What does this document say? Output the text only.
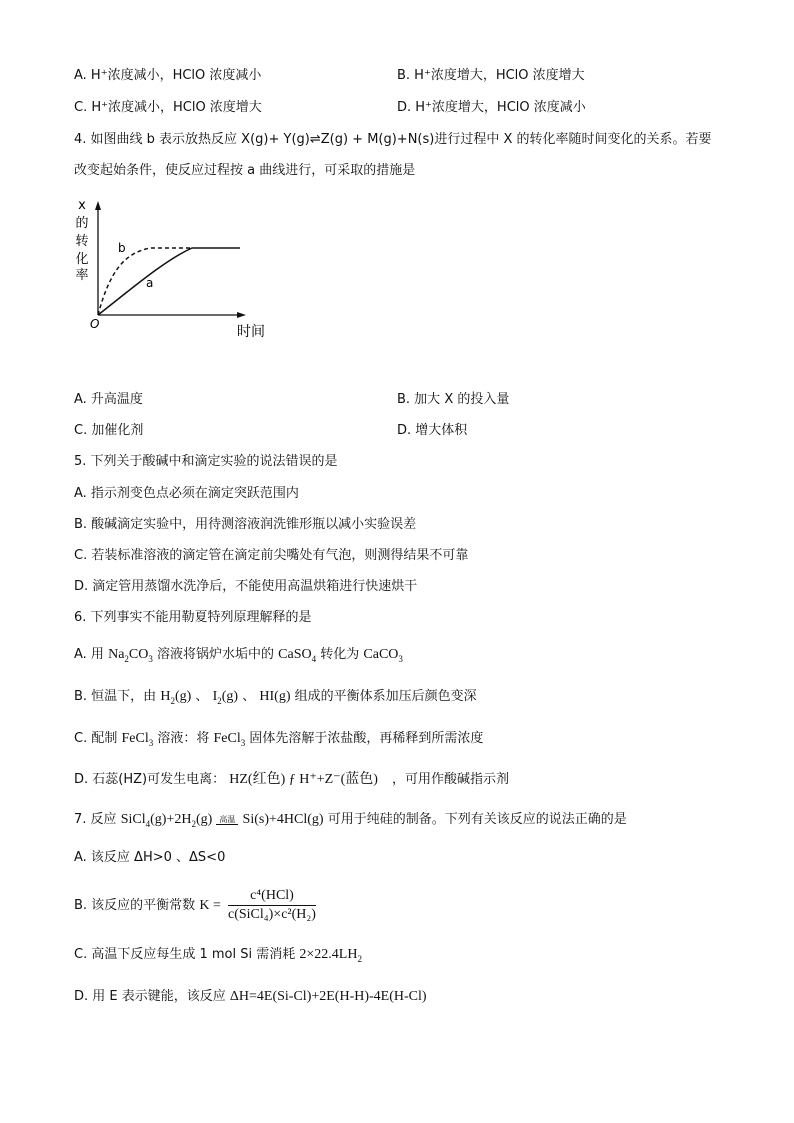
A. H⁺浓度减小，HClO 浓度减小	B. H⁺浓度增大，HClO 浓度增大
C. H⁺浓度减小，HClO 浓度增大	D. H⁺浓度增大，HClO 浓度减小
4. 如图曲线 b 表示放热反应 X(g)+ Y(g)⇌Z(g) + M(g)+N(s)进行过程中 X 的转化率随时间变化的关系。若要
改变起始条件，使反应过程按 a 曲线进行，可采取的措施是
x
的
转
化
率
b
a
O	时间
A. 升高温度	B. 加大 X 的投入量
C. 加催化剂	D. 增大体积
5. 下列关于酸碱中和滴定实验的说法错误的是
A. 指示剂变色点必须在滴定突跃范围内
B. 酸碱滴定实验中，用待测溶液润洗锥形瓶以减小实验误差
C. 若装标准溶液的滴定管在滴定前尖嘴处有气泡，则测得结果不可靠
D. 滴定管用蒸馏水洗净后，不能使用高温烘箱进行快速烘干
6. 下列事实不能用勒夏特列原理解释的是
A. 用 $Na_2CO_3$ 溶液将锅炉水垢中的 CaSO$_4$ 转化为 CaCO$_3$
B. 恒温下，由 $H_2(g)$ 、 $I_2(g)$ 、 HI(g) 组成的平衡体系加压后颜色变深
C. 配制 FeCl$_3$ 溶液：将 FeCl$_3$ 固体先溶解于浓盐酸，再稀释到所需浓度
D. 石蕊(HZ)可发生电离： HZ(红色) ƒ H⁺+Z⁻(蓝色) ，可用作酸碱指示剂
7. 反应 $SiCl_4(g)+2H_2(g)$ 高温 Si(s)+4HCl(g) 可用于纯硅的制备。下列有关该反应的说法正确的是
A. 该反应 ΔH>0 、ΔS<0
B. 该反应的平衡常数 $K = \frac{\text{c⁴(HCl)}}{\text{c(SiCl₄)×c²(H₂)}}$
C. 高温下反应每生成 1 mol Si 需消耗 $2\times 22.4LH_2$
D. 用 E 表示键能，该反应 ΔH=4E(Si-Cl)+2E(H-H)-4E(H-Cl)
